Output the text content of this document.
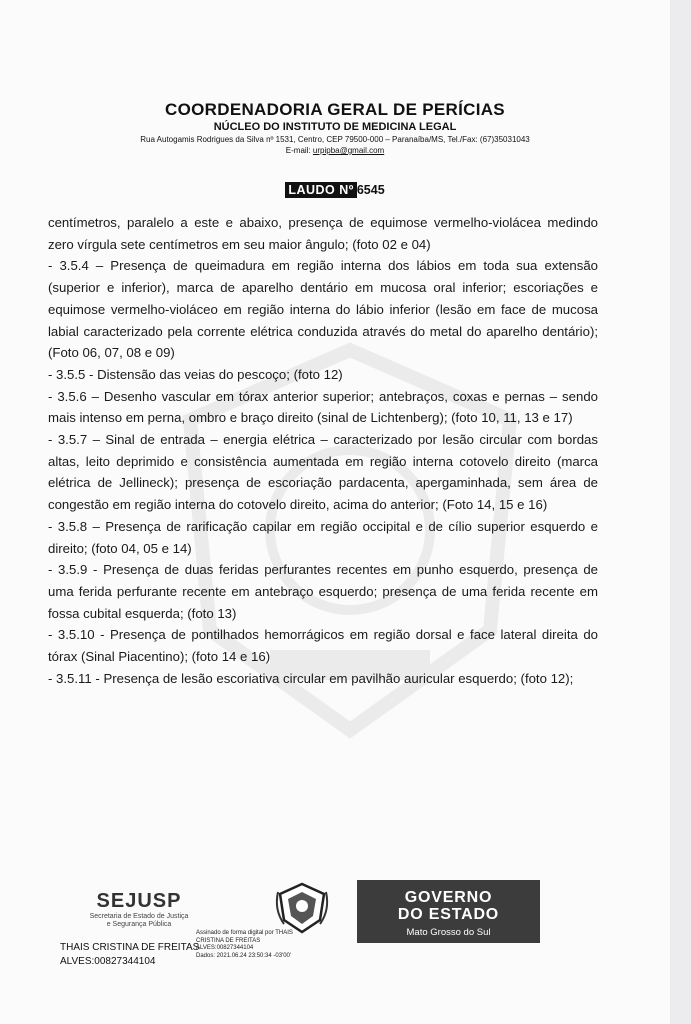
COORDENADORIA GERAL DE PERÍCIAS
NÚCLEO DO INSTITUTO DE MEDICINA LEGAL
Rua Autogamis Rodrigues da Silva nº 1531, Centro, CEP 79500-000 – Paranaíba/MS, Tel./Fax: (67)35031043
E-mail: urpipba@gmail.com
LAUDO Nº 6545

centímetros, paralelo a este e abaixo, presença de equimose vermelho-violácea medindo zero vírgula sete centímetros em seu maior ângulo; (foto 02 e 04)

- 3.5.4 – Presença de queimadura em região interna dos lábios em toda sua extensão (superior e inferior), marca de aparelho dentário em mucosa oral inferior; escoriações e equimose vermelho-violáceo em região interna do lábio inferior (lesão em face de mucosa labial caracterizado pela corrente elétrica conduzida através do metal do aparelho dentário); (Foto 06, 07, 08 e 09)

- 3.5.5 - Distensão das veias do pescoço; (foto 12)

- 3.5.6 – Desenho vascular em tórax anterior superior; antebraços, coxas e pernas – sendo mais intenso em perna, ombro e braço direito (sinal de Lichtenberg); (foto 10, 11, 13 e 17)

- 3.5.7 – Sinal de entrada – energia elétrica – caracterizado por lesão circular com bordas altas, leito deprimido e consistência aumentada em região interna cotovelo direito (marca elétrica de Jellineck); presença de escoriação pardacenta, apergaminhada, sem área de congestão em região interna do cotovelo direito, acima do anterior; (Foto 14, 15 e 16)

- 3.5.8 – Presença de rarificação capilar em região occipital e de cílio superior esquerdo e direito; (foto 04, 05 e 14)

- 3.5.9 - Presença de duas feridas perfurantes recentes em punho esquerdo, presença de uma ferida perfurante recente em antebraço esquerdo; presença de uma ferida recente em fossa cubital esquerda; (foto 13)

- 3.5.10 - Presença de pontilhados hemorrágicos em região dorsal e face lateral direita do tórax (Sinal Piacentino); (foto 14 e 16)

- 3.5.11 - Presença de lesão escoriativa circular em pavilhão auricular esquerdo; (foto 12);

SEJUSP
Secretaria de Estado de Justiça
e Segurança Pública
GOVERNO
DO ESTADO
Mato Grosso do Sul
THAIS CRISTINA DE FREITAS
ALVES:00827344104
Assinado de forma digital por THAIS
CRISTINA DE FREITAS
ALVES:00827344104
Dados: 2021.06.24 23:50:34 -03'00'
